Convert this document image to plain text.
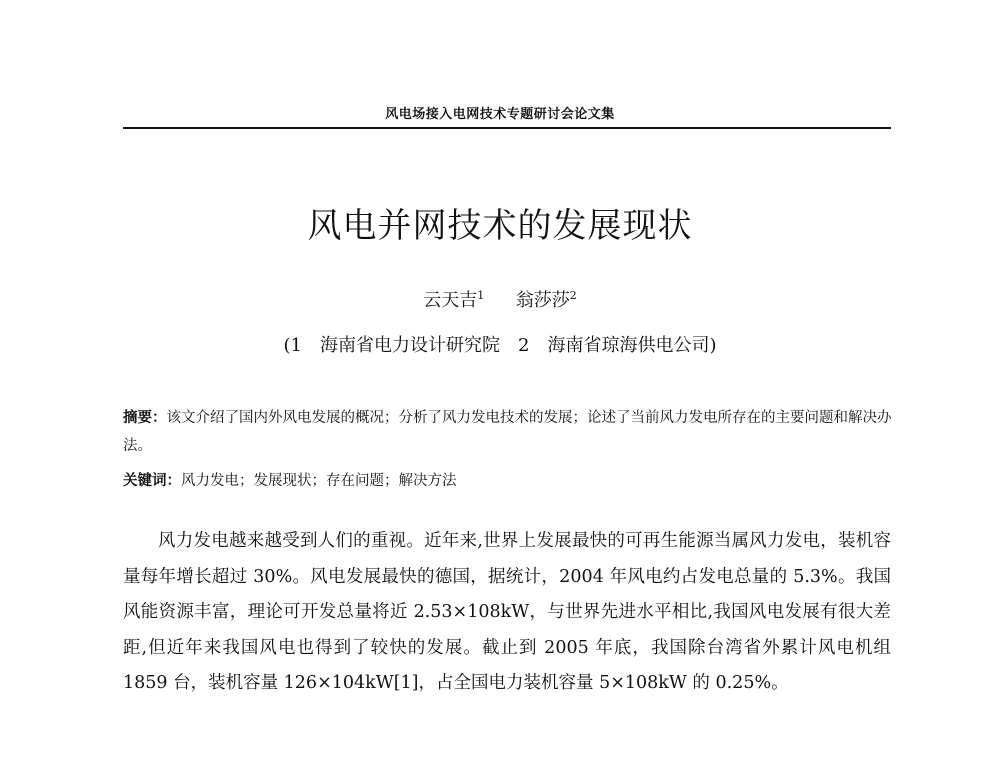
风电场接入电网技术专题研讨会论文集
风电并网技术的发展现状
云天吉$^1$ 翁莎莎$^2$
(1　海南省电力设计研究院　2　海南省琼海供电公司)
摘要：该文介绍了国内外风电发展的概况；分析了风力发电技术的发展；论述了当前风力发电所存在的主要问题和解决办法。
关键词：风力发电；发展现状；存在问题；解决方法

风力发电越来越受到人们的重视。近年来,世界上发展最快的可再生能源当属风力发电，装机容量每年增长超过 30%。风电发展最快的德国，据统计，2004 年风电约占发电总量的 5.3%。我国风能资源丰富，理论可开发总量将近 2.53×108kW，与世界先进水平相比,我国风电发展有很大差距,但近年来我国风电也得到了较快的发展。截止到 2005 年底，我国除台湾省外累计风电机组 1859 台，装机容量 126×104kW[1]，占全国电力装机容量 5×108kW 的 0.25%。
